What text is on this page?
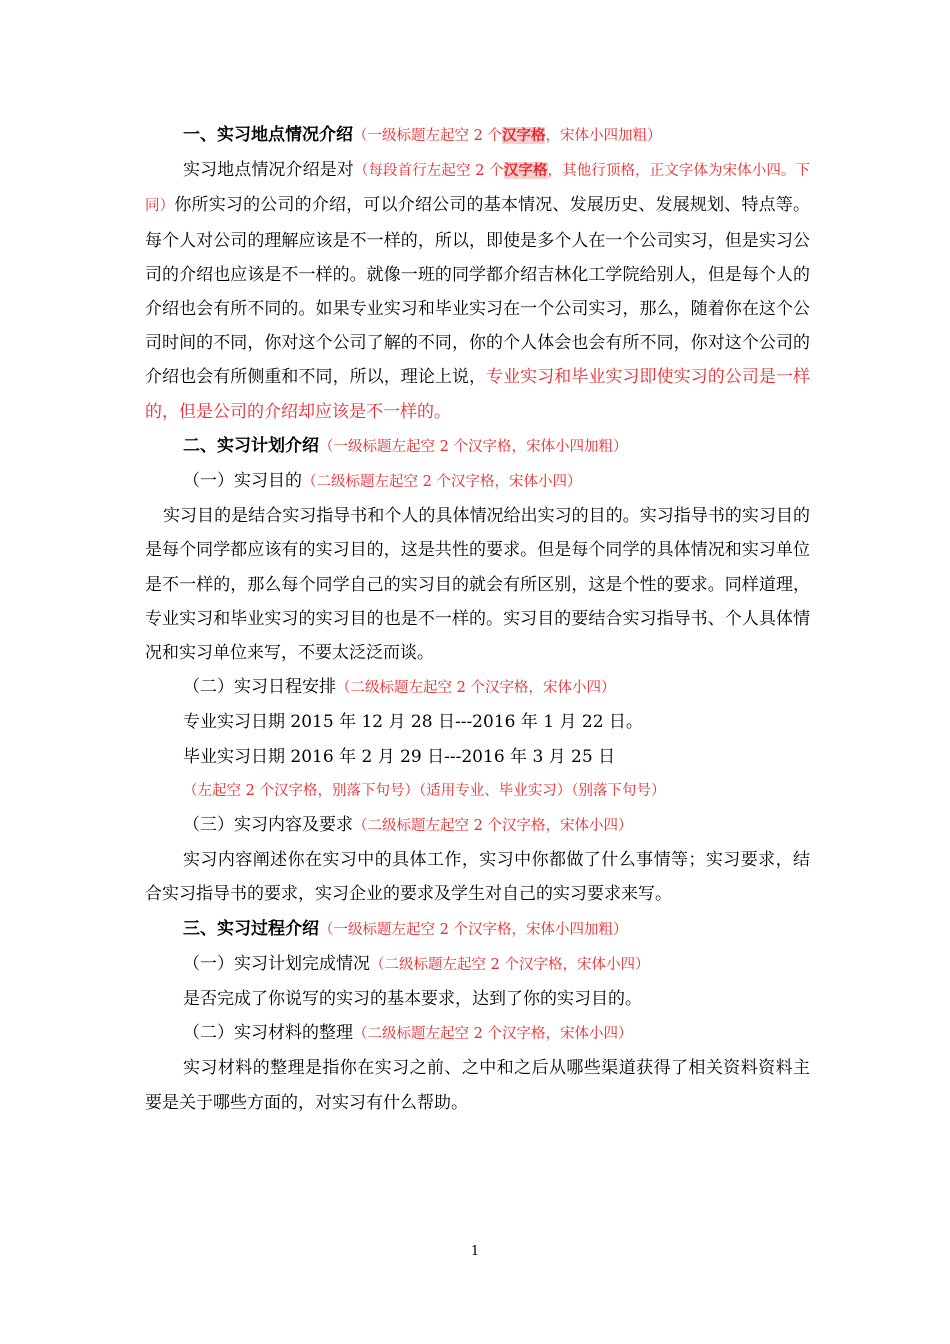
一、实习地点情况介绍（一级标题左起空 2 个汉字格，宋体小四加粗）

实习地点情况介绍是对（每段首行左起空 2 个汉字格，其他行顶格，正文字体为宋体小四。下同）你所实习的公司的介绍，可以介绍公司的基本情况、发展历史、发展规划、特点等。每个人对公司的理解应该是不一样的，所以，即使是多个人在一个公司实习，但是实习公司的介绍也应该是不一样的。就像一班的同学都介绍吉林化工学院给别人，但是每个人的介绍也会有所不同的。如果专业实习和毕业实习在一个公司实习，那么，随着你在这个公司时间的不同，你对这个公司了解的不同，你的个人体会也会有所不同，你对这个公司的介绍也会有所侧重和不同，所以，理论上说，专业实习和毕业实习即使实习的公司是一样的，但是公司的介绍却应该是不一样的。

二、实习计划介绍（一级标题左起空 2 个汉字格，宋体小四加粗）

（一）实习目的（二级标题左起空 2 个汉字格，宋体小四）

实习目的是结合实习指导书和个人的具体情况给出实习的目的。实习指导书的实习目的是每个同学都应该有的实习目的，这是共性的要求。但是每个同学的具体情况和实习单位是不一样的，那么每个同学自己的实习目的就会有所区别，这是个性的要求。同样道理，专业实习和毕业实习的实习目的也是不一样的。实习目的要结合实习指导书、个人具体情况和实习单位来写，不要太泛泛而谈。

（二）实习日程安排（二级标题左起空 2 个汉字格，宋体小四）

专业实习日期 2015 年 12 月 28 日---2016 年 1 月 22 日。

毕业实习日期 2016 年 2 月 29 日---2016 年 3 月 25 日

（左起空 2 个汉字格，别落下句号）（适用专业、毕业实习）（别落下句号）

（三）实习内容及要求（二级标题左起空 2 个汉字格，宋体小四）

实习内容阐述你在实习中的具体工作，实习中你都做了什么事情等；实习要求，结合实习指导书的要求，实习企业的要求及学生对自己的实习要求来写。

三、实习过程介绍（一级标题左起空 2 个汉字格，宋体小四加粗）

（一）实习计划完成情况（二级标题左起空 2 个汉字格，宋体小四）

是否完成了你说写的实习的基本要求，达到了你的实习目的。

（二）实习材料的整理（二级标题左起空 2 个汉字格，宋体小四）

实习材料的整理是指你在实习之前、之中和之后从哪些渠道获得了相关资料资料主要是关于哪些方面的，对实习有什么帮助。

1
